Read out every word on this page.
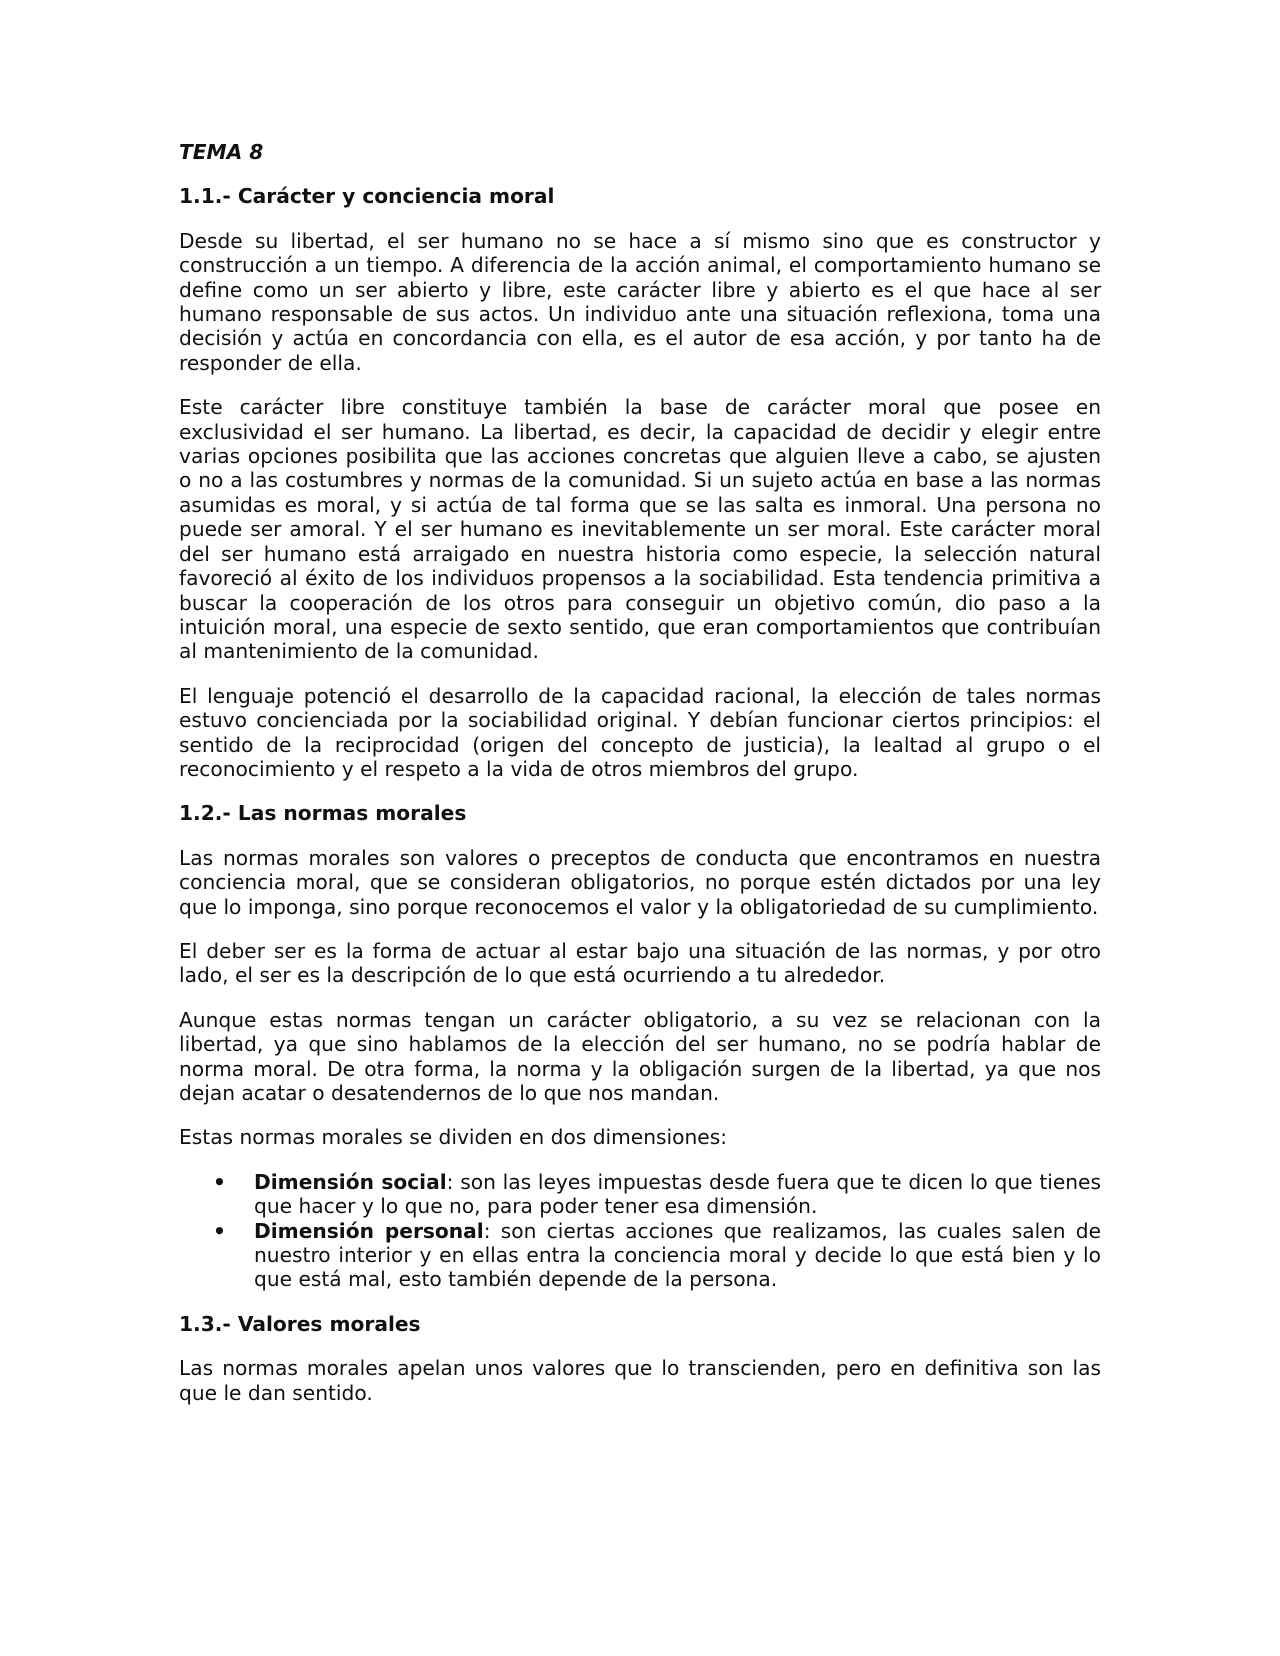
TEMA 8
1.1.- Carácter y conciencia moral

Desde su libertad, el ser humano no se hace a sí mismo sino que es constructor y construcción a un tiempo. A diferencia de la acción animal, el comportamiento humano se define como un ser abierto y libre, este carácter libre y abierto es el que hace al ser humano responsable de sus actos. Un individuo ante una situación reflexiona, toma una decisión y actúa en concordancia con ella, es el autor de esa acción, y por tanto ha de responder de ella.

Este carácter libre constituye también la base de carácter moral que posee en exclusividad el ser humano. La libertad, es decir, la capacidad de decidir y elegir entre varias opciones posibilita que las acciones concretas que alguien lleve a cabo, se ajusten o no a las costumbres y normas de la comunidad. Si un sujeto actúa en base a las normas asumidas es moral, y si actúa de tal forma que se las salta es inmoral. Una persona no puede ser amoral. Y el ser humano es inevitablemente un ser moral. Este carácter moral del ser humano está arraigado en nuestra historia como especie, la selección natural favoreció al éxito de los individuos propensos a la sociabilidad. Esta tendencia primitiva a buscar la cooperación de los otros para conseguir un objetivo común, dio paso a la intuición moral, una especie de sexto sentido, que eran comportamientos que contribuían al mantenimiento de la comunidad.

El lenguaje potenció el desarrollo de la capacidad racional, la elección de tales normas estuvo concienciada por la sociabilidad original. Y debían funcionar ciertos principios: el sentido de la reciprocidad (origen del concepto de justicia), la lealtad al grupo o el reconocimiento y el respeto a la vida de otros miembros del grupo.

1.2.- Las normas morales

Las normas morales son valores o preceptos de conducta que encontramos en nuestra conciencia moral, que se consideran obligatorios, no porque estén dictados por una ley que lo imponga, sino porque reconocemos el valor y la obligatoriedad de su cumplimiento.

El deber ser es la forma de actuar al estar bajo una situación de las normas, y por otro lado, el ser es la descripción de lo que está ocurriendo a tu alrededor.

Aunque estas normas tengan un carácter obligatorio, a su vez se relacionan con la libertad, ya que sino hablamos de la elección del ser humano, no se podría hablar de norma moral. De otra forma, la norma y la obligación surgen de la libertad, ya que nos dejan acatar o desatendernos de lo que nos mandan.

Estas normas morales se dividen en dos dimensiones:

• Dimensión social: son las leyes impuestas desde fuera que te dicen lo que tienes que hacer y lo que no, para poder tener esa dimensión.
• Dimensión personal: son ciertas acciones que realizamos, las cuales salen de nuestro interior y en ellas entra la conciencia moral y decide lo que está bien y lo que está mal, esto también depende de la persona.
1.3.- Valores morales

Las normas morales apelan unos valores que lo transcienden, pero en definitiva son las que le dan sentido.
